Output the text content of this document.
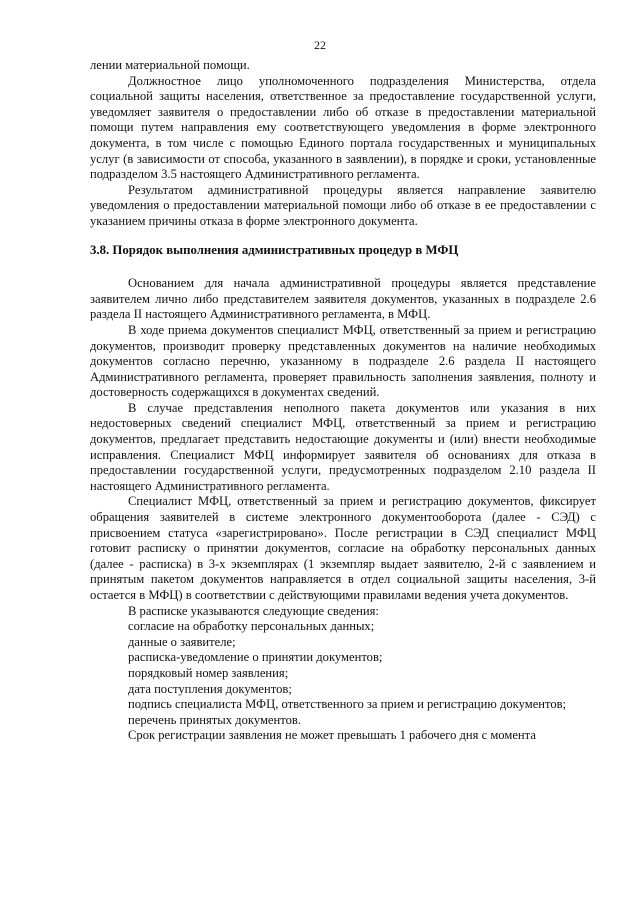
22

лении материальной помощи.

Должностное лицо уполномоченного подразделения Министерства, отдела социальной защиты населения, ответственное за предоставление государственной услуги, уведомляет заявителя о предоставлении либо об отказе в предоставлении материальной помощи путем направления ему соответствующего уведомления в форме электронного документа, в том числе с помощью Единого портала государственных и муниципальных услуг (в зависимости от способа, указанного в заявлении), в порядке и сроки, установленные подразделом 3.5 настоящего Административного регламента.

Результатом административной процедуры является направление заявителю уведомления о предоставлении материальной помощи либо об отказе в ее предоставлении с указанием причины отказа в форме электронного документа.

3.8. Порядок выполнения административных процедур в МФЦ

Основанием для начала административной процедуры является представление заявителем лично либо представителем заявителя документов, указанных в подразделе 2.6 раздела II настоящего Административного регламента, в МФЦ.

В ходе приема документов специалист МФЦ, ответственный за прием и регистрацию документов, производит проверку представленных документов на наличие необходимых документов согласно перечню, указанному в подразделе 2.6 раздела II настоящего Административного регламента, проверяет правильность заполнения заявления, полноту и достоверность содержащихся в документах сведений.

В случае представления неполного пакета документов или указания в них недостоверных сведений специалист МФЦ, ответственный за прием и регистрацию документов, предлагает представить недостающие документы и (или) внести необходимые исправления. Специалист МФЦ информирует заявителя об основаниях для отказа в предоставлении государственной услуги, предусмотренных подразделом 2.10 раздела II настоящего Административного регламента.

Специалист МФЦ, ответственный за прием и регистрацию документов, фиксирует обращения заявителей в системе электронного документооборота (далее - СЭД) с присвоением статуса «зарегистрировано». После регистрации в СЭД специалист МФЦ готовит расписку о принятии документов, согласие на обработку персональных данных (далее - расписка) в 3-х экземплярах (1 экземпляр выдает заявителю, 2-й с заявлением и принятым пакетом документов направляется в отдел социальной защиты населения, 3-й остается в МФЦ) в соответствии с действующими правилами ведения учета документов.

В расписке указываются следующие сведения:

согласие на обработку персональных данных;

данные о заявителе;

расписка-уведомление о принятии документов;

порядковый номер заявления;

дата поступления документов;

подпись специалиста МФЦ, ответственного за прием и регистрацию документов;

перечень принятых документов.

Срок регистрации заявления не может превышать 1 рабочего дня с момента
